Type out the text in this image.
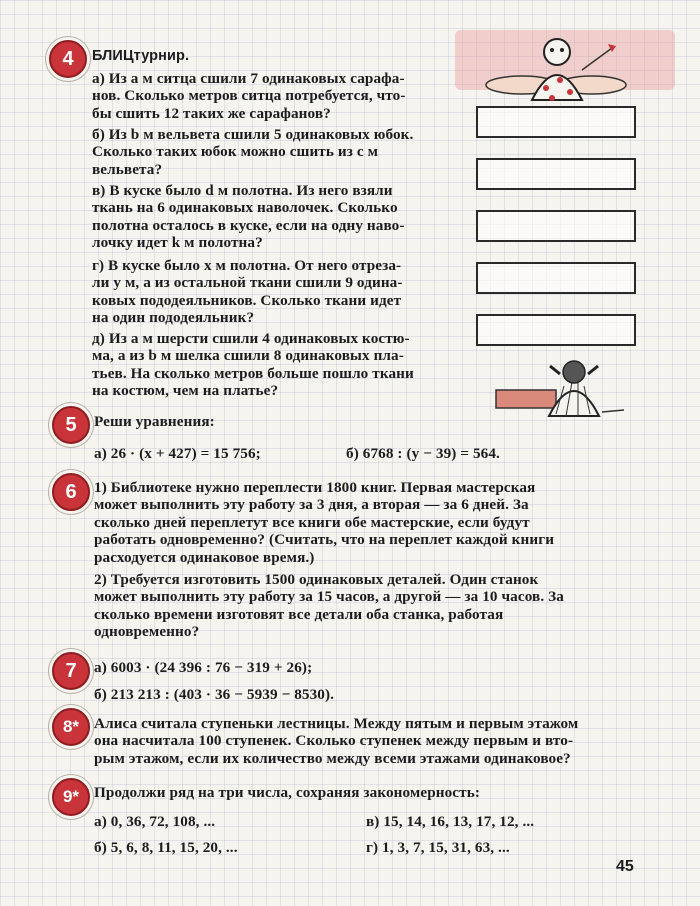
4	БЛИЦтурнир.
а) Из а м ситца сшили 7 одинаковых сарафа-
нов. Сколько метров ситца потребуется, что-
бы сшить 12 таких же сарафанов?
б) Из b м вельвета сшили 5 одинаковых юбок.
Сколько таких юбок можно сшить из с м
вельвета?
в) В куске было d м полотна. Из него взяли
ткань на 6 одинаковых наволочек. Сколько
полотна осталось в куске, если на одну наво-
лочку идет k м полотна?
г) В куске было х м полотна. От него отреза-
ли у м, а из остальной ткани сшили 9 одина-
ковых пододеяльников. Сколько ткани идет
на один пододеяльник?
д) Из а м шерсти сшили 4 одинаковых костю-
ма, а из b м шелка сшили 8 одинаковых пла-
тьев. На сколько метров больше пошло ткани
на костюм, чем на платье?
5	Реши уравнения:
а) 26 · (х + 427) = 15 756;	б) 6768 : (у − 39) = 564.
6	1) Библиотеке нужно переплести 1800 книг. Первая мастерская
может выполнить эту работу за 3 дня, а вторая — за 6 дней. За
сколько дней переплетут все книги обе мастерские, если будут
работать одновременно? (Считать, что на переплет каждой книги
расходуется одинаковое время.)
2) Требуется изготовить 1500 одинаковых деталей. Один станок
может выполнить эту работу за 15 часов, а другой — за 10 часов. За
сколько времени изготовят все детали оба станка, работая
одновременно?
7	а) 6003 · (24 396 : 76 − 319 + 26);
б) 213 213 : (403 · 36 − 5939 − 8530).
8* Алиса считала ступеньки лестницы. Между пятым и первым этажом
она насчитала 100 ступенек. Сколько ступенек между первым и вто-
рым этажом, если их количество между всеми этажами одинаковое?
9* Продолжи ряд на три числа, сохраняя закономерность:
а) 0, 36, 72, 108, ...
б) 5, 6, 8, 11, 15, 20, ...
в) 15, 14, 16, 13, 17, 12, ...
г) 1, 3, 7, 15, 31, 63, ...
45
